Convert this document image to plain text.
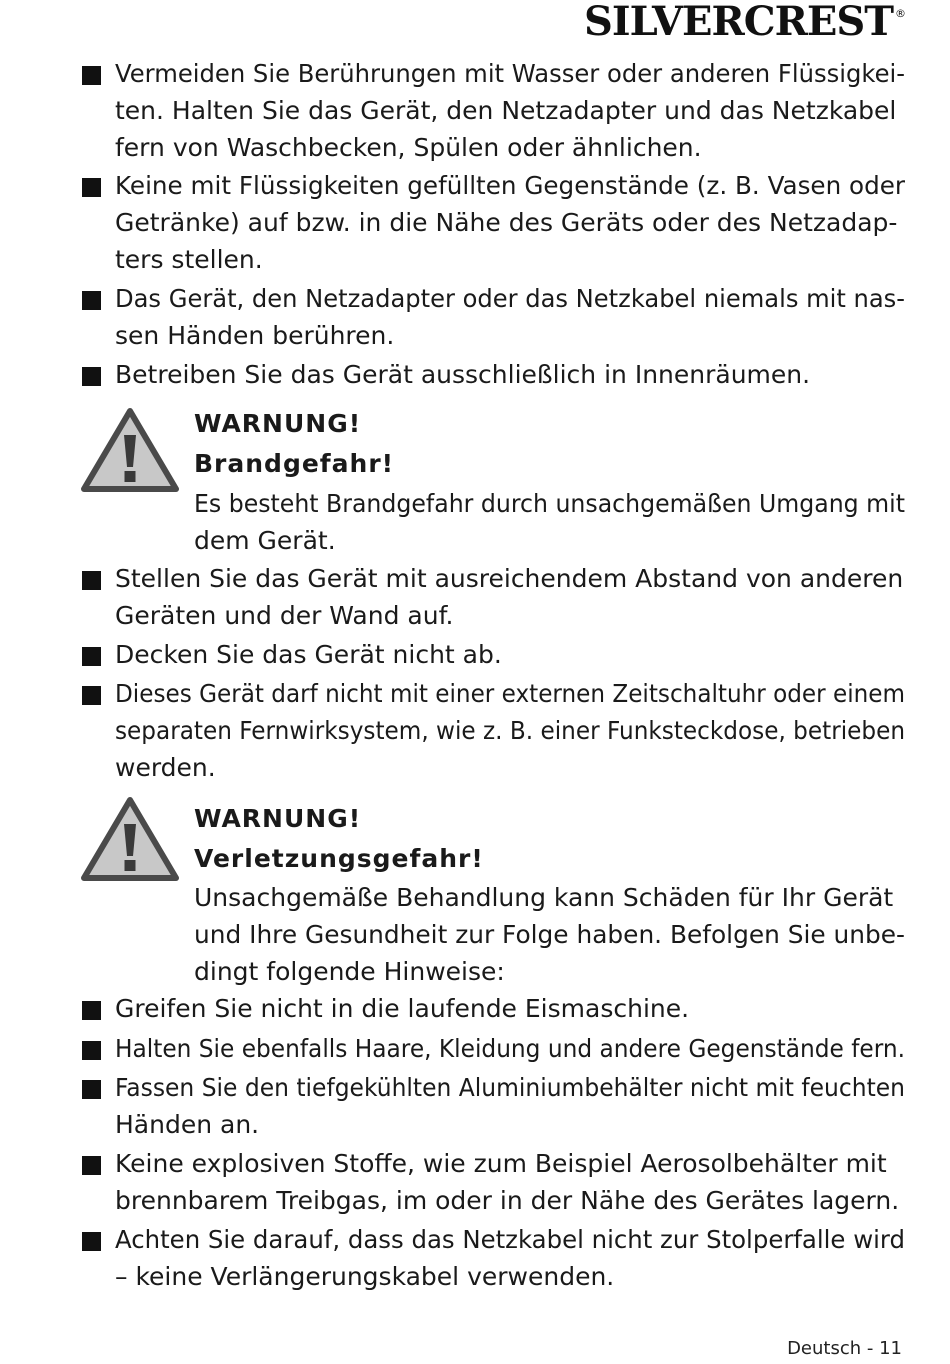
SILVERCREST ®
Vermeiden Sie Berührungen mit Wasser oder anderen Flüssigkei-
ten. Halten Sie das Gerät, den Netzadapter und das Netzkabel
fern von Waschbecken, Spülen oder ähnlichen.
Keine mit Flüssigkeiten gefüllten Gegenstände (z. B. Vasen oder
Getränke) auf bzw. in die Nähe des Geräts oder des Netzadap-
ters stellen.
Das Gerät, den Netzadapter oder das Netzkabel niemals mit nas-
sen Händen berühren.
Betreiben Sie das Gerät ausschließlich in Innenräumen.
WARNUNG!
Brandgefahr!
Es besteht Brandgefahr durch unsachgemäßen Umgang mit
dem Gerät.
Stellen Sie das Gerät mit ausreichendem Abstand von anderen
Geräten und der Wand auf.
Decken Sie das Gerät nicht ab.
Dieses Gerät darf nicht mit einer externen Zeitschaltuhr oder einem
separaten Fernwirksystem, wie z. B. einer Funksteckdose, betrieben
werden.
WARNUNG!
Verletzungsgefahr!
Unsachgemäße Behandlung kann Schäden für Ihr Gerät
und Ihre Gesundheit zur Folge haben. Befolgen Sie unbe-
dingt folgende Hinweise:
Greifen Sie nicht in die laufende Eismaschine.
Halten Sie ebenfalls Haare, Kleidung und andere Gegenstände fern.
Fassen Sie den tiefgekühlten Aluminiumbehälter nicht mit feuchten
Händen an.
Keine explosiven Stoffe, wie zum Beispiel Aerosolbehälter mit
brennbarem Treibgas, im oder in der Nähe des Gerätes lagern.
Achten Sie darauf, dass das Netzkabel nicht zur Stolperfalle wird
– keine Verlängerungskabel verwenden.
Deutsch - 11
